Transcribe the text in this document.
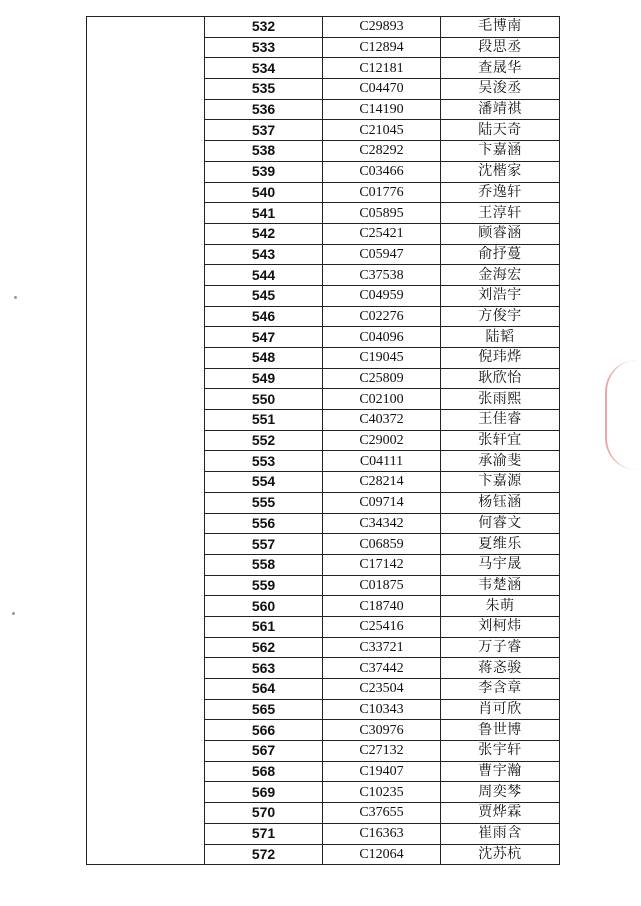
	532	C29893	毛博南
	533	C12894	段思丞
	534	C12181	查晟华
	535	C04470	吴浚丞
	536	C14190	潘靖祺
	537	C21045	陆天奇
	538	C28292	卞嘉涵
	539	C03466	沈楷家
	540	C01776	乔逸轩
	541	C05895	王淳轩
	542	C25421	顾睿涵
	543	C05947	俞抒蔓
	544	C37538	金海宏
	545	C04959	刘浩宇
	546	C02276	方俊宇
	547	C04096	陆韬
	548	C19045	倪玮烨
	549	C25809	耿欣怡
	550	C02100	张雨熙
	551	C40372	王佳睿
	552	C29002	张轩宜
	553	C04111	承渝斐
	554	C28214	卞嘉源
	555	C09714	杨钰涵
	556	C34342	何睿文
	557	C06859	夏维乐
	558	C17142	马宇晟
	559	C01875	韦楚涵
	560	C18740	朱萌
	561	C25416	刘柯炜
	562	C33721	万子睿
	563	C37442	蒋忞骏
	564	C23504	李含章
	565	C10343	肖可欣
	566	C30976	鲁世博
	567	C27132	张宇轩
	568	C19407	曹宇瀚
	569	C10235	周奕棽
	570	C37655	贾烨霖
	571	C16363	崔雨含
	572	C12064	沈苏杭
